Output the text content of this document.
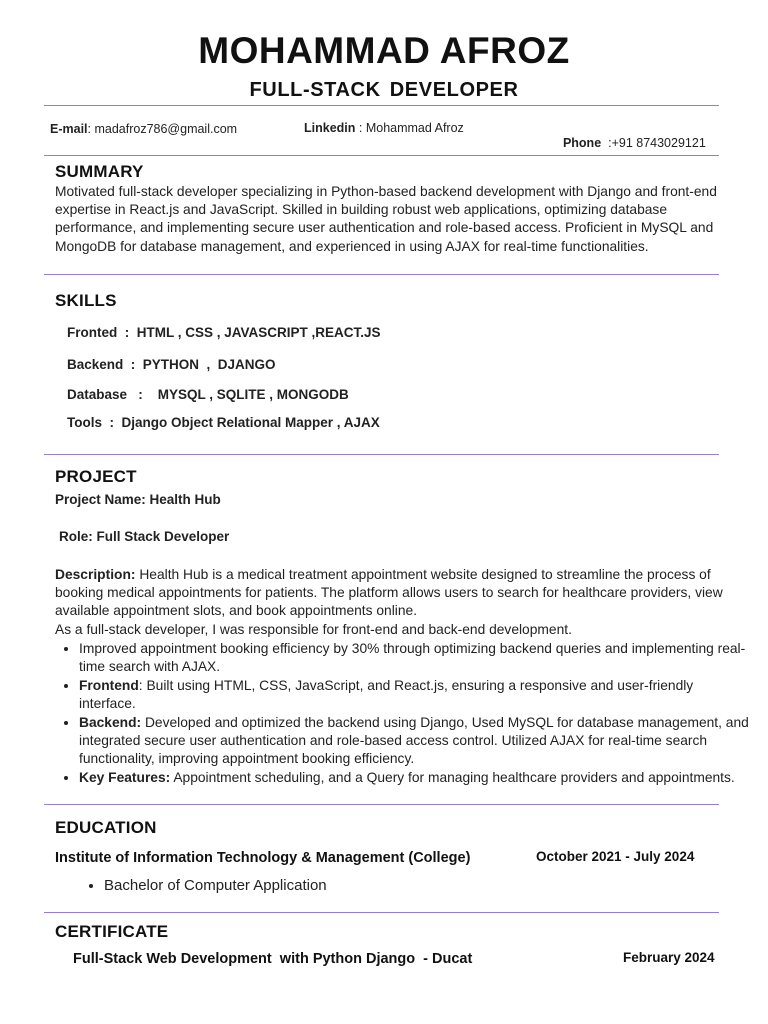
MOHAMMAD AFROZ
FULL-STACK DEVELOPER
E-mail: madafroz786@gmail.com	Linkedin : Mohammad Afroz

Phone  :+91 8743029121

SUMMARY
Motivated full-stack developer specializing in Python-based backend development with Django and front-end expertise in React.js and JavaScript. Skilled in building robust web applications, optimizing database performance, and implementing secure user authentication and role-based access. Proficient in MySQL and MongoDB for database management, and experienced in using AJAX for real-time functionalities.
SKILLS
Fronted  :  HTML , CSS , JAVASCRIPT ,REACT.JS
Backend  :  PYTHON  ,  DJANGO
Database   :    MYSQL , SQLITE , MONGODB
Tools  :  Django Object Relational Mapper , AJAX
PROJECT
Project Name: Health Hub
Role: Full Stack Developer
Description: Health Hub is a medical treatment appointment website designed to streamline the process of booking medical appointments for patients. The platform allows users to search for healthcare providers, view available appointment slots, and book appointments online.
As a full-stack developer, I was responsible for front-end and back-end development.
• Improved appointment booking efficiency by 30% through optimizing backend queries and implementing real-time search with AJAX.
• Frontend: Built using HTML, CSS, JavaScript, and React.js, ensuring a responsive and user-friendly interface.
• Backend: Developed and optimized the backend using Django, Used MySQL for database management, and integrated secure user authentication and role-based access control. Utilized AJAX for real-time search functionality, improving appointment booking efficiency.
• Key Features: Appointment scheduling, and a Query for managing healthcare providers and appointments.
EDUCATION
Institute of Information Technology & Management (College)	October 2021 - July 2024
• Bachelor of Computer Application
CERTIFICATE
Full-Stack Web Development  with Python Django  - Ducat	February 2024
